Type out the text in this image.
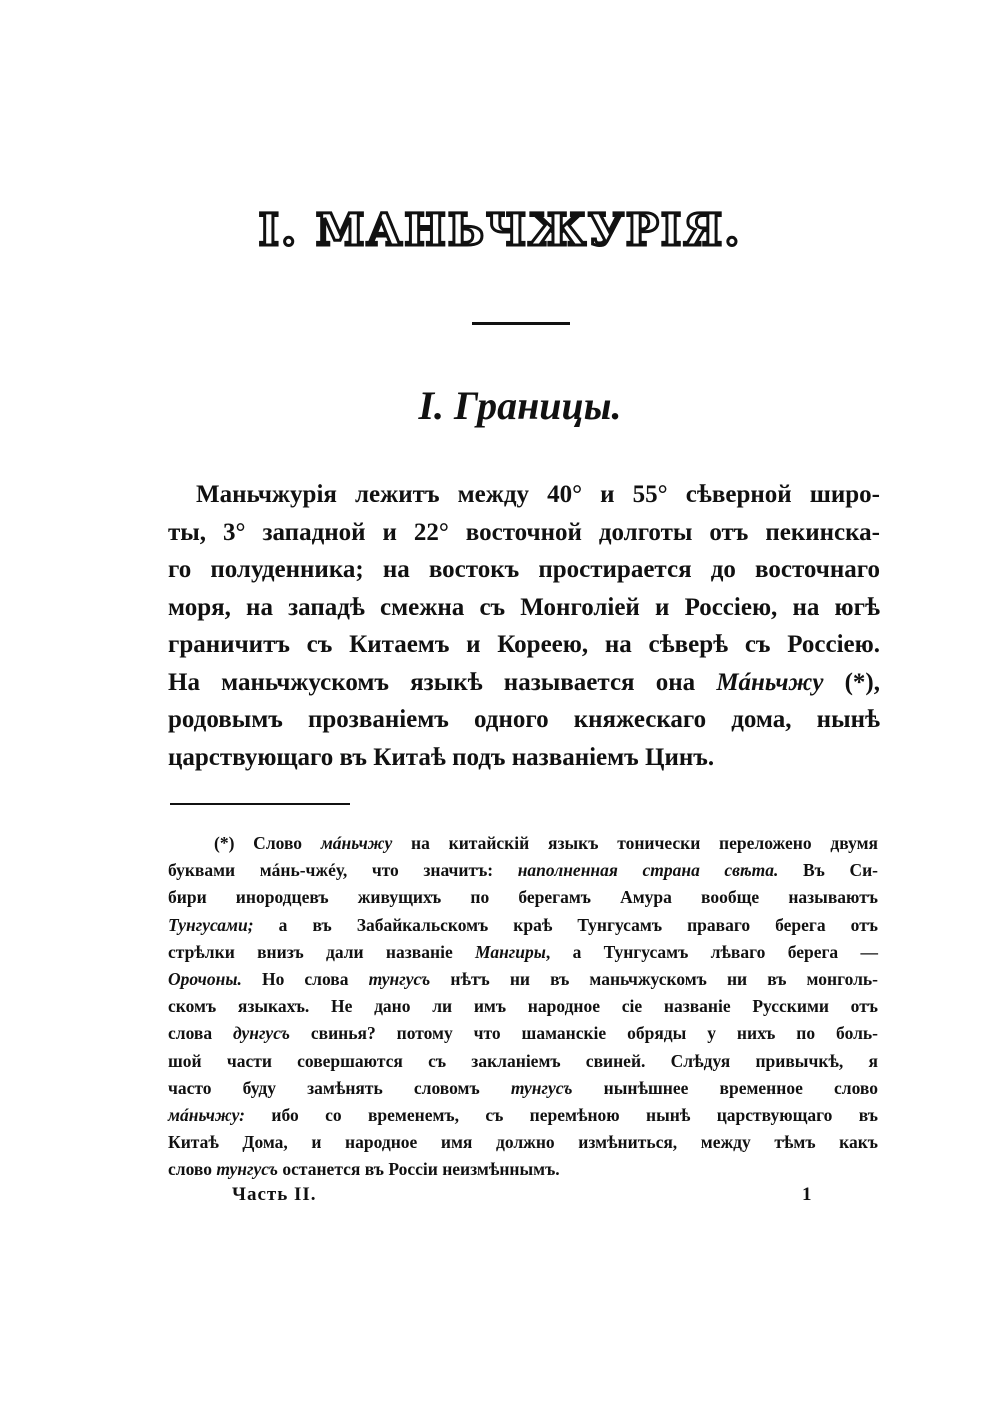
I. МАНЬЧЖУРІЯ.
I. Границы.
Маньчжурія лежитъ между 40° и 55° сѣверной широ-
ты, 3° западной и 22° восточной долготы отъ пекинска-
го полуденника; на востокъ простирается до восточнаго
моря, на западѣ смежна съ Монголіей и Россіею, на югѣ
граничитъ съ Китаемъ и Кореею, на сѣверѣ съ Россіею.
На маньчжускомъ языкѣ называется она Мáньчжу (*),
родовымъ прозваніемъ одного княжескаго дома, нынѣ
царствующаго въ Китаѣ подъ названіемъ Цинъ.
(*) Слово мáньчжу на китайскій языкъ тонически переложено двумя
буквами мáнь-чжéу, что значитъ: наполненная страна свѣта. Въ Си-
бири инородцевъ живущихъ по берегамъ Амура вообще называютъ
Тунгусами; а въ Забайкальскомъ краѣ Тунгусамъ праваго берега отъ
стрѣлки внизъ дали названіе Мангиры, а Тунгусамъ лѣваго берега —
Орочоны. Но слова тунгусъ нѣтъ ни въ маньчжускомъ ни въ монголь-
скомъ языкахъ. Не дано ли имъ народное сіе названіе Русскими отъ
слова дунгусъ свинья? потому что шаманскіе обряды у нихъ по боль-
шой части совершаются съ закланіемъ свиней. Слѣдуя привычкѣ, я
часто буду замѣнять словомъ тунгусъ нынѣшнее временное слово
мáньчжу: ибо со временемъ, съ перемѣною нынѣ царствующаго въ
Китаѣ Дома, и народное имя должно измѣниться, между тѣмъ какъ
слово тунгусъ останется въ Россіи неизмѣннымъ.
Часть II.	1
